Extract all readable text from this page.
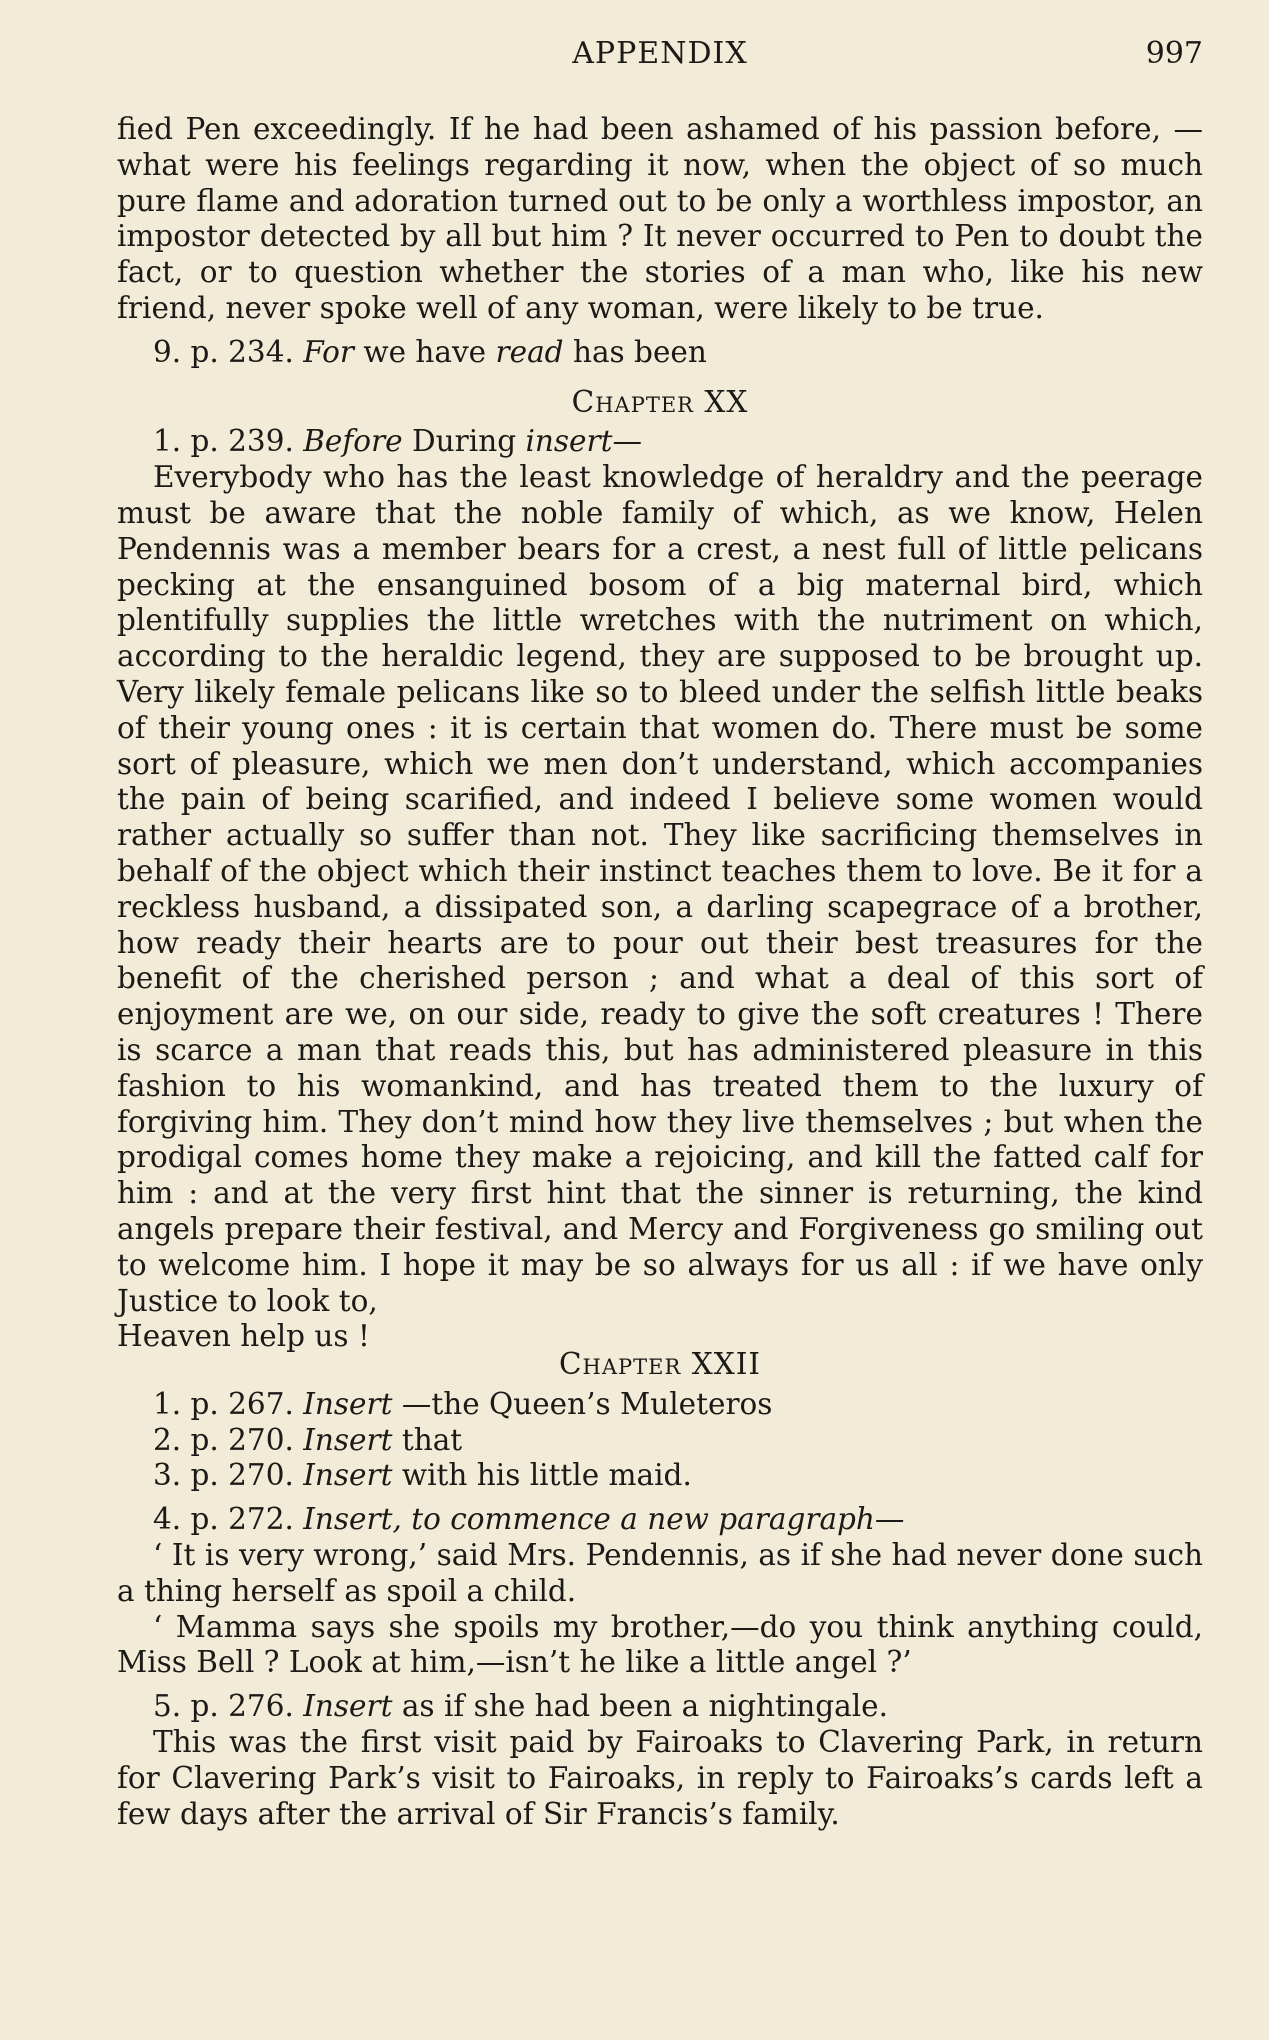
APPENDIX	997

fied Pen exceedingly. If he had been ashamed of his passion before, —what were his feelings regarding it now, when the object of so much pure flame and adoration turned out to be only a worthless impostor, an impostor detected by all but him ? It never occurred to Pen to doubt the fact, or to question whether the stories of a man who, like his new friend, never spoke well of any woman, were likely to be true.

9. p. 234. For we have read has been

Chapter XX

1. p. 239. Before During insert—

Everybody who has the least knowledge of heraldry and the peerage must be aware that the noble family of which, as we know, Helen Pendennis was a member bears for a crest, a nest full of little pelicans pecking at the ensanguined bosom of a big maternal bird, which plentifully supplies the little wretches with the nutriment on which, according to the heraldic legend, they are supposed to be brought up. Very likely female pelicans like so to bleed under the selfish little beaks of their young ones : it is certain that women do. There must be some sort of pleasure, which we men don’t understand, which accompanies the pain of being scarified, and indeed I believe some women would rather actually so suffer than not. They like sacrificing themselves in behalf of the object which their instinct teaches them to love. Be it for a reckless husband, a dissipated son, a darling scapegrace of a brother, how ready their hearts are to pour out their best treasures for the benefit of the cherished person ; and what a deal of this sort of enjoyment are we, on our side, ready to give the soft creatures ! There is scarce a man that reads this, but has administered pleasure in this fashion to his womankind, and has treated them to the luxury of forgiving him. They don’t mind how they live themselves ; but when the prodigal comes home they make a rejoicing, and kill the fatted calf for him : and at the very first hint that the sinner is returning, the kind angels prepare their festival, and Mercy and Forgiveness go smiling out to welcome him. I hope it may be so always for us all : if we have only Justice to look to,

Heaven help us !

Chapter XXII

1. p. 267. Insert —the Queen’s Muleteros

2. p. 270. Insert that

3. p. 270. Insert with his little maid.

4. p. 272. Insert, to commence a new paragraph—

‘ It is very wrong,’ said Mrs. Pendennis, as if she had never done such a thing herself as spoil a child.

‘ Mamma says she spoils my brother,—do you think anything could, Miss Bell ? Look at him,—isn’t he like a little angel ?’

5. p. 276. Insert as if she had been a nightingale.

This was the first visit paid by Fairoaks to Clavering Park, in return for Clavering Park’s visit to Fairoaks, in reply to Fairoaks’s cards left a few days after the arrival of Sir Francis’s family.
